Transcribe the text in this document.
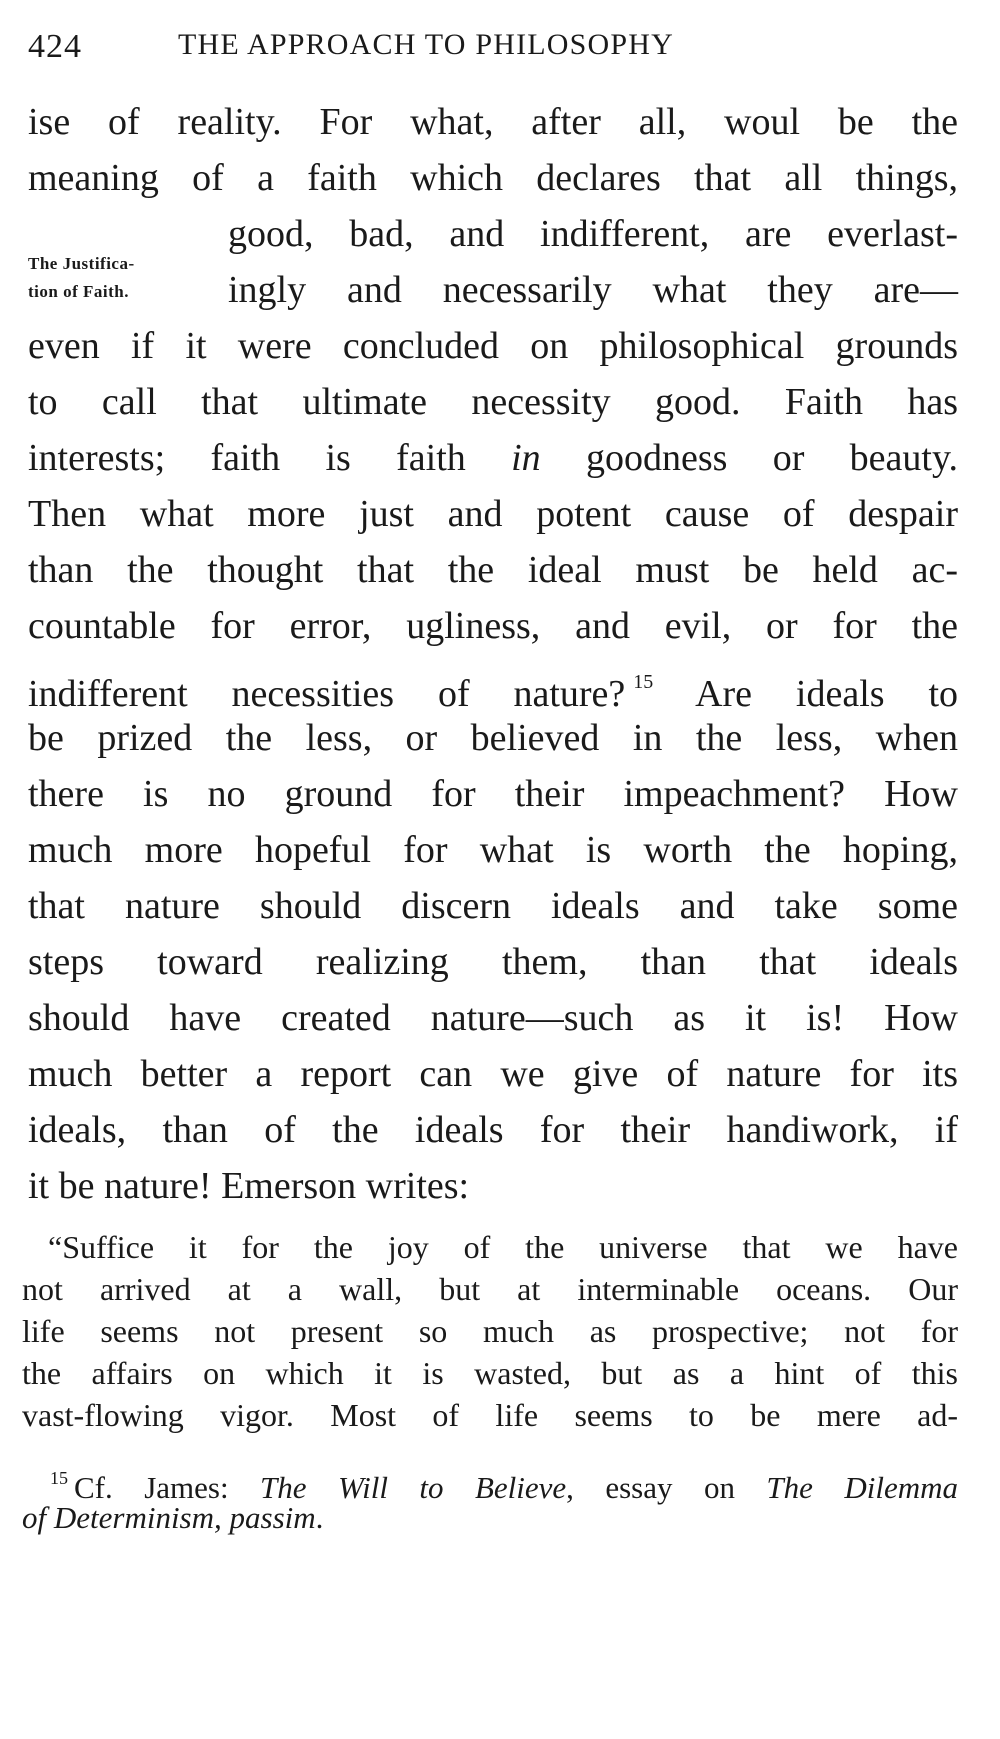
424	THE APPROACH TO PHILOSOPHY
The Justifica-
tion of Faith.
ise of reality. For what, after all, woul be the
meaning of a faith which declares that all things,
good, bad, and indifferent, are everlast-
ingly and necessarily what they are—
even if it were concluded on philosophical grounds
to call that ultimate necessity good. Faith has
interests; faith is faith in goodness or beauty.
Then what more just and potent cause of despair
than the thought that the ideal must be held ac-
countable for error, ugliness, and evil, or for the
indifferent necessities of nature? $^{15}$ Are ideals to
be prized the less, or believed in the less, when
there is no ground for their impeachment? How
much more hopeful for what is worth the hoping,
that nature should discern ideals and take some
steps toward realizing them, than that ideals
should have created nature—such as it is! How
much better a report can we give of nature for its
ideals, than of the ideals for their handiwork, if
it be nature! Emerson writes:
“Suffice it for the joy of the universe that we have
not arrived at a wall, but at interminable oceans. Our
life seems not present so much as prospective; not for
the affairs on which it is wasted, but as a hint of this
vast-flowing vigor. Most of life seems to be mere ad-
$^{15}$ Cf. James: The Will to Believe, essay on The Dilemma
of Determinism, passim.
